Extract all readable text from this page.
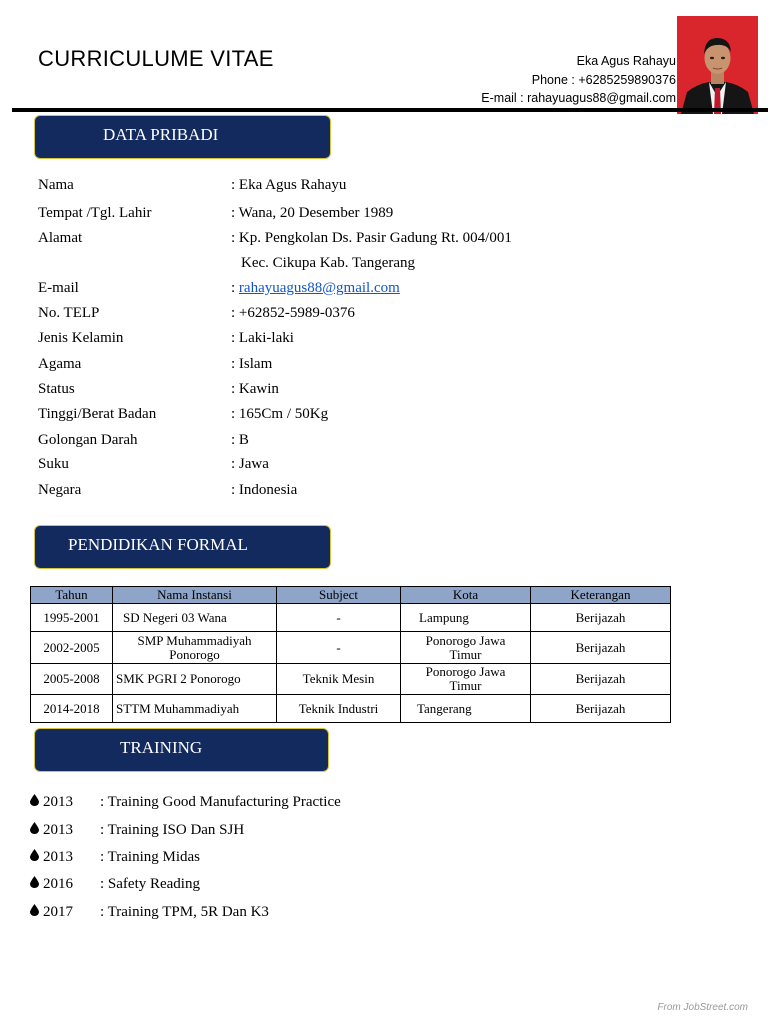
CURRICULUME VITAE	Eka Agus Rahayu
Phone : +6285259890376
E-mail : rahayuagus88@gmail.com
DATA PRIBADI
Nama	: Eka Agus Rahayu
Tempat /Tgl. Lahir	: Wana, 20 Desember 1989
Alamat	: Kp. Pengkolan Ds. Pasir Gadung Rt. 004/001
Kec. Cikupa Kab. Tangerang
E-mail	: rahayuagus88@gmail.com
No. TELP	: +62852-5989-0376
Jenis Kelamin	: Laki-laki
Agama	: Islam
Status	: Kawin
Tinggi/Berat Badan	: 165Cm / 50Kg
Golongan Darah	: B
Suku	: Jawa
Negara	: Indonesia
PENDIDIKAN FORMAL
Tahun	Nama Instansi	Subject	Kota	Keterangan
1995-2001	SD Negeri 03 Wana	-	Lampung	Berijazah
2002-2005	SMP Muhammadiyah Ponorogo	-	Ponorogo Jawa Timur	Berijazah
2005-2008	SMK PGRI 2 Ponorogo	Teknik Mesin	Ponorogo Jawa Timur	Berijazah
2014-2018	STTM Muhammadiyah	Teknik Industri	Tangerang	Berijazah
TRAINING
2013 : Training Good Manufacturing Practice
2013 : Training ISO Dan SJH
2013 : Training Midas
2016 : Safety Reading
2017 : Training TPM, 5R Dan K3
From JobStreet.com
